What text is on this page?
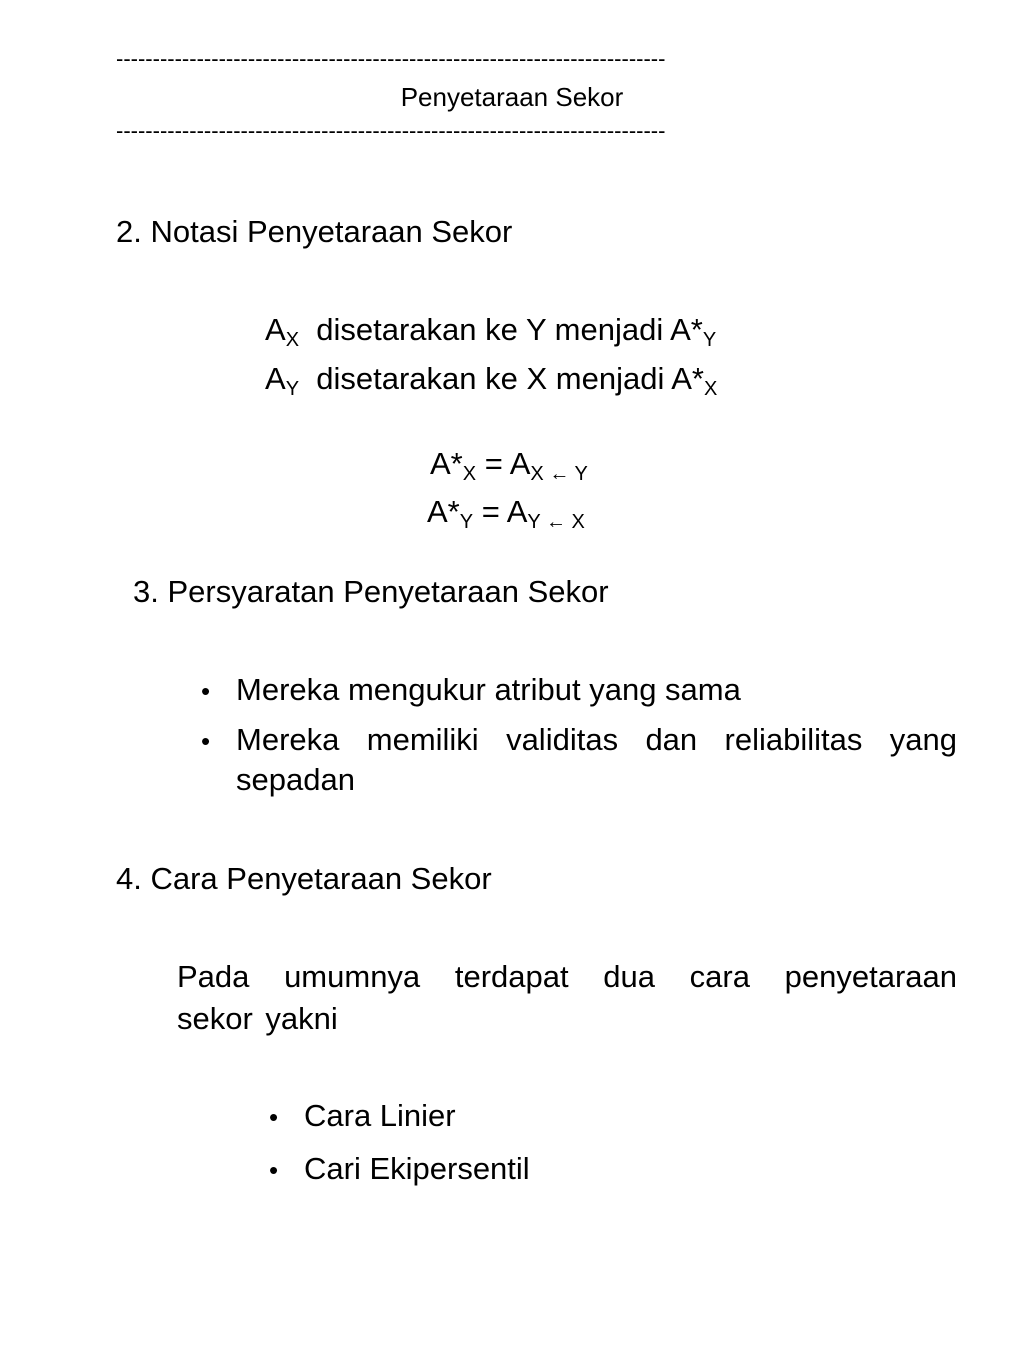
---------------------------------------------------------------------------
Penyetaraan Sekor
---------------------------------------------------------------------------
2. Notasi Penyetaraan Sekor
$A_X$ disetarakan ke Y menjadi $A*_Y$
$A_Y$ disetarakan ke X menjadi $A*_X$
$A*_X = A_{X \leftarrow Y}$
$A*_Y = A_{Y \leftarrow X}$
3. Persyaratan Penyetaraan Sekor
• Mereka mengukur atribut yang sama
• Mereka memiliki validitas dan reliabilitas yang
sepadan
4. Cara Penyetaraan Sekor
Pada umumnya terdapat dua cara penyetaraan
sekor yakni
• Cara Linier
• Cari Ekipersentil
